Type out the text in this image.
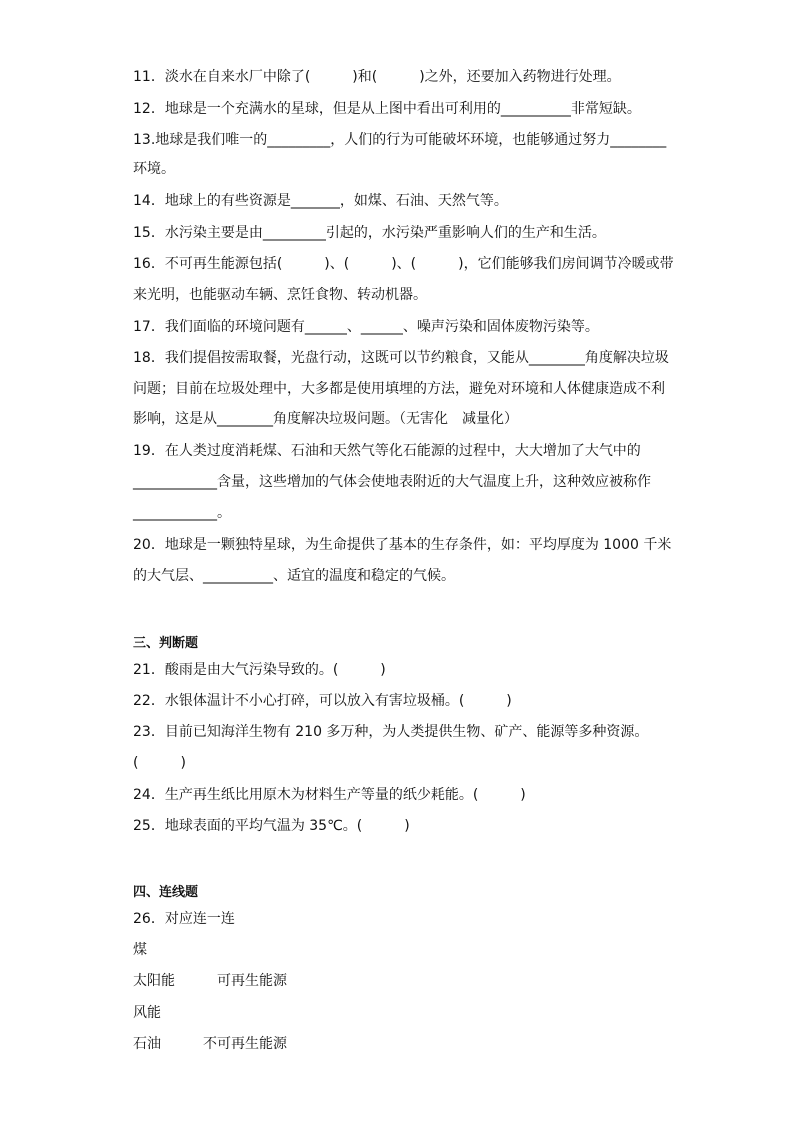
11．淡水在自来水厂中除了(　　　)和(　　　)之外，还要加入药物进行处理。
12．地球是一个充满水的星球，但是从上图中看出可利用的__________非常短缺。
13.地球是我们唯一的_________，人们的行为可能破坏环境，也能够通过努力________
环境。
14．地球上的有些资源是_______，如煤、石油、天然气等。
15．水污染主要是由_________引起的，水污染严重影响人们的生产和生活。
16．不可再生能源包括(　　　)、(　　　)、(　　　)，它们能够我们房间调节冷暖或带
来光明，也能驱动车辆、烹饪食物、转动机器。
17．我们面临的环境问题有______、______、噪声污染和固体废物污染等。
18．我们提倡按需取餐，光盘行动，这既可以节约粮食，又能从________角度解决垃圾
问题；目前在垃圾处理中，大多都是使用填埋的方法，避免对环境和人体健康造成不利
影响，这是从________角度解决垃圾问题。（无害化　减量化）
19．在人类过度消耗煤、石油和天然气等化石能源的过程中，大大增加了大气中的
____________含量，这些增加的气体会使地表附近的大气温度上升，这种效应被称作
____________。
20．地球是一颗独特星球，为生命提供了基本的生存条件，如：平均厚度为 1000 千米
的大气层、__________、适宜的温度和稳定的气候。
三、判断题
21．酸雨是由大气污染导致的。(　　　)
22．水银体温计不小心打碎，可以放入有害垃圾桶。(　　　)
23．目前已知海洋生物有 210 多万种，为人类提供生物、矿产、能源等多种资源。
(　　　)
24．生产再生纸比用原木为材料生产等量的纸少耗能。(　　　)
25．地球表面的平均气温为 35℃。(　　　)
四、连线题
26．对应连一连
煤
太阳能　　　可再生能源
风能
石油　　　不可再生能源
